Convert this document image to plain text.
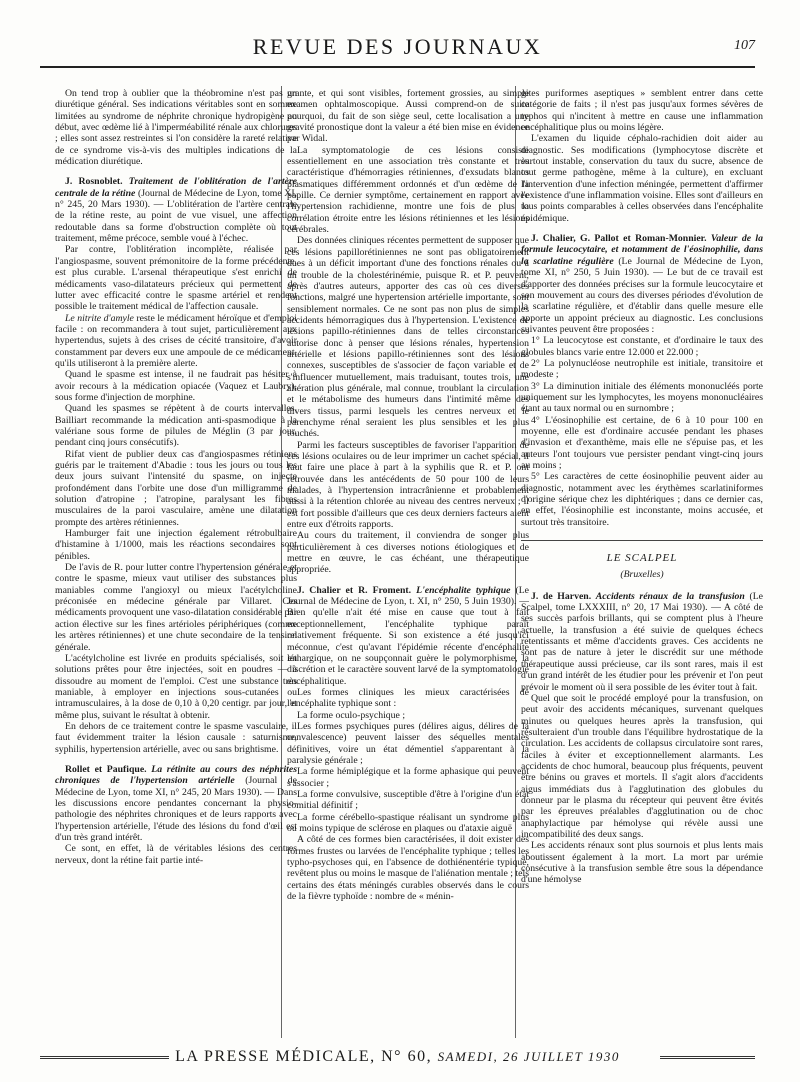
REVUE DES JOURNAUX	107

On tend trop à oublier que la théobromine n'est pas un diurétique général. Ses indications véritables sont en somme limitées au syndrome de néphrite chronique hydropigène au début, avec œdème lié à l'imperméabilité rénale aux chlorures ; elles sont assez restreintes si l'on considère la rareté relative de ce syndrome vis-à-vis des multiples indications de la médication diurétique.

J. Rosnoblet. Traitement de l'oblitération de l'artère centrale de la rétine (Journal de Médecine de Lyon, tome XI, n° 245, 20 Mars 1930). — L'oblitération de l'artère centrale de la rétine reste, au point de vue visuel, une affection redoutable dans sa forme d'obstruction complète où tout traitement, même précoce, semble voué à l'échec.

Par contre, l'oblitération incomplète, réalisée par l'angiospasme, souvent prémonitoire de la forme précédente, est plus curable. L'arsenal thérapeutique s'est enrichi de médicaments vaso-dilatateurs précieux qui permettent de lutter avec efficacité contre le spasme artériel et rendent possible le traitement médical de l'affection causale.

Le nitrite d'amyle reste le médicament héroïque et d'emploi facile : on recommandera à tout sujet, particulièrement aux hypertendus, sujets à des crises de cécité transitoire, d'avoir constamment par devers eux une ampoule de ce médicament, qu'ils utiliseront à la première alerte.

Quand le spasme est intense, il ne faudrait pas hésiter à avoir recours à la médication opiacée (Vaquez et Laubry), sous forme d'injection de morphine.

Quand les spasmes se répètent à de courts intervalles, Bailliart recommande la médication anti-spasmodique à la valériane sous forme de pilules de Méglin (3 par jour, pendant cinq jours consécutifs).

Rifat vient de publier deux cas d'angiospasmes rétiniens guéris par le traitement d'Abadie : tous les jours ou tous les deux jours suivant l'intensité du spasme, on injecte profondément dans l'orbite une dose d'un milligramme de solution d'atropine ; l'atropine, paralysant les fibres musculaires de la paroi vasculaire, amène une dilatation prompte des artères rétiniennes.

Hamburger fait une injection également rétrobulbaire d'histamine à 1/1000, mais les réactions secondaires sont pénibles.

De l'avis de R. pour lutter contre l'hypertension générale et contre le spasme, mieux vaut utiliser des substances plus maniables comme l'angioxyl ou mieux l'acétylcholine préconisée en médecine générale par Villaret. Ces médicaments provoquent une vaso-dilatation considérable par action élective sur les fines artérioles périphériques (comme les artères rétiniennes) et une chute secondaire de la tension générale.

L'acétylcholine est livrée en produits spécialisés, soit en solutions prêtes pour être injectées, soit en poudres — à dissoudre au moment de l'emploi. C'est une substance très maniable, à employer en injections sous-cutanées ou intramusculaires, à la dose de 0,10 à 0,20 centigr. par jour, et même plus, suivant le résultat à obtenir.

En dehors de ce traitement contre le spasme vasculaire, il faut évidemment traiter la lésion causale : saturnisme, syphilis, hypertension artérielle, avec ou sans brightisme.

Rollet et Paufique. La rétinite au cours des néphrites chroniques de l'hypertension artérielle (Journal de Médecine de Lyon, tome XI, n° 245, 20 Mars 1930). — Dans les discussions encore pendantes concernant la physio-pathologie des néphrites chroniques et de leurs rapports avec l'hypertension artérielle, l'étude des lésions du fond d'œil est d'un très grand intérêt.

Ce sont, en effet, là de véritables lésions des centres nerveux, dont la rétine fait partie inté-

grante, et qui sont visibles, fortement grossies, au simple examen ophtalmoscopique. Aussi comprend-on de suite pourquoi, du fait de son siège seul, cette localisation a une gravité pronostique dont la valeur a été bien mise en évidence par Widal.

La symptomatologie de ces lésions consiste essentiellement en une association très constante et très caractéristique d'hémorragies rétiniennes, d'exsudats blancs plasmatiques différemment ordonnés et d'un œdème de la papille. Ce dernier symptôme, certainement en rapport avec l'hypertension rachidienne, montre une fois de plus la corrélation étroite entre les lésions rétiniennes et les lésions cérébrales.

Des données cliniques récentes permettent de supposer que ces lésions papillorétiniennes ne sont pas obligatoirement dues à un déficit important d'une des fonctions rénales ou à un trouble de la cholestérinémie, puisque R. et P. peuvent, après d'autres auteurs, apporter des cas où ces diverses fonctions, malgré une hypertension artérielle importante, sont sensiblement normales. Ce ne sont pas non plus de simples accidents hémorragiques dus à l'hypertension. L'existence de lésions papillo-rétiniennes dans de telles circonstances autorise donc à penser que lésions rénales, hypertension artérielle et lésions papillo-rétiniennes sont des lésions connexes, susceptibles de s'associer de façon variable et de s'influencer mutuellement, mais traduisant, toutes trois, une altération plus générale, mal connue, troublant la circulation et le métabolisme des humeurs dans l'intimité même des divers tissus, parmi lesquels les centres nerveux et le parenchyme rénal seraient les plus sensibles et les plus touchés.

Parmi les facteurs susceptibles de favoriser l'apparition de ces lésions oculaires ou de leur imprimer un cachet spécial, il faut faire une place à part à la syphilis que R. et P. ont retrouvée dans les antécédents de 50 pour 100 de leurs malades, à l'hypertension intracrânienne et probablement aussi à la rétention chlorée au niveau des centres nerveux ; il est fort possible d'ailleurs que ces deux derniers facteurs aient entre eux d'étroits rapports.

Au cours du traitement, il conviendra de songer plus particulièrement à ces diverses notions étiologiques et de mettre en œuvre, le cas échéant, une thérapeutique appropriée.

J. Chalier et R. Froment. L'encéphalite typhique (Le Journal de Médecine de Lyon, t. XI, n° 250, 5 Juin 1930). — Bien qu'elle n'ait été mise en cause que tout à fait exceptionnellement, l'encéphalite typhique paraît relativement fréquente. Si son existence a été jusqu'ici méconnue, c'est qu'avant l'épidémie récente d'encéphalite léthargique, on ne soupçonnait guère le polymorphisme, la discrétion et le caractère souvent larvé de la symptomatologie encéphalitique.

Les formes cliniques les mieux caractérisées de l'encéphalite typhique sont :

La forme oculo-psychique ;

Les formes psychiques pures (délires aigus, délires de la convalescence) peuvent laisser des séquelles mentales définitives, voire un état démentiel s'apparentant à la paralysie générale ;

La forme hémiplégique et la forme aphasique qui peuvent s'associer ;

La forme convulsive, susceptible d'être à l'origine d'un état comitial définitif ;

La forme cérébello-spastique réalisant un syndrome plus ou moins typique de sclérose en plaques ou d'ataxie aiguë

A côté de ces formes bien caractérisées, il doit exister des formes frustes ou larvées de l'encéphalite typhique ; telles les typho-psychoses qui, en l'absence de dothiénentérie typique, revêtent plus ou moins le masque de l'aliénation mentale ; tels certains des états méningés curables observés dans le cours de la fièvre typhoïde : nombre de « ménin-

gites puriformes aseptiques » semblent entrer dans cette catégorie de faits ; il n'est pas jusqu'aux formes sévères de typhos qui n'incitent à mettre en cause une inflammation encéphalitique plus ou moins légère.

L'examen du liquide céphalo-rachidien doit aider au diagnostic. Ses modifications (lymphocytose discrète et surtout instable, conservation du taux du sucre, absence de tout germe pathogène, même à la culture), en excluant l'intervention d'une infection méningée, permettent d'affirmer l'existence d'une inflammation voisine. Elles sont d'ailleurs en tous points comparables à celles observées dans l'encéphalite épidémique.

J. Chalier, G. Pallot et Roman-Monnier. Valeur de la formule leucocytaire, et notamment de l'éosinophilie, dans la scarlatine régulière (Le Journal de Médecine de Lyon, tome XI, n° 250, 5 Juin 1930). — Le but de ce travail est d'apporter des données précises sur la formule leucocytaire et son mouvement au cours des diverses périodes d'évolution de la scarlatine régulière, et d'établir dans quelle mesure elle apporte un appoint précieux au diagnostic. Les conclusions suivantes peuvent être proposées :

1° La leucocytose est constante, et d'ordinaire le taux des globules blancs varie entre 12.000 et 22.000 ;

2° La polynucléose neutrophile est initiale, transitoire et modeste ;

3° La diminution initiale des éléments mononucléés porte uniquement sur les lymphocytes, les moyens mononucléaires étant au taux normal ou en surnombre ;

4° L'éosinophilie est certaine, de 6 à 10 pour 100 en moyenne, elle est d'ordinaire accusée pendant les phases d'invasion et d'exanthème, mais elle ne s'épuise pas, et les auteurs l'ont toujours vue persister pendant vingt-cinq jours au moins ;

5° Les caractères de cette éosinophilie peuvent aider au diagnostic, notamment avec les érythèmes scarlatiniformes d'origine sérique chez les diphtériques ; dans ce dernier cas, en effet, l'éosinophilie est inconstante, moins accusée, et surtout très transitoire.

LE SCALPEL
(Bruxelles)

J. de Harven. Accidents rénaux de la transfusion (Le Scalpel, tome LXXXIII, n° 20, 17 Mai 1930). — A côté de ses succès parfois brillants, qui se comptent plus à l'heure actuelle, la transfusion a été suivie de quelques échecs retentissants et même d'accidents graves. Ces accidents ne sont pas de nature à jeter le discrédit sur une méthode thérapeutique aussi précieuse, car ils sont rares, mais il est d'un grand intérêt de les étudier pour les prévenir et l'on peut prévoir le moment où il sera possible de les éviter tout à fait.

Quel que soit le procédé employé pour la transfusion, on peut avoir des accidents mécaniques, survenant quelques minutes ou quelques heures après la transfusion, qui résulteraient d'un trouble dans l'équilibre hydrostatique de la circulation. Les accidents de collapsus circulatoire sont rares, faciles à éviter et exceptionnellement alarmants. Les accidents de choc humoral, beaucoup plus fréquents, peuvent être bénins ou graves et mortels. Il s'agit alors d'accidents aigus immédiats dus à l'agglutination des globules du donneur par le plasma du récepteur qui peuvent être évités par les épreuves préalables d'agglutination ou de choc anaphylactique par hémolyse qui révèle aussi une incompatibilité des deux sangs.

Les accidents rénaux sont plus sournois et plus lents mais aboutissent également à la mort. La mort par urémie consécutive à la transfusion semble être sous la dépendance d'une hémolyse

LA PRESSE MÉDICALE, N° 60, SAMEDI, 26 JUILLET 1930
